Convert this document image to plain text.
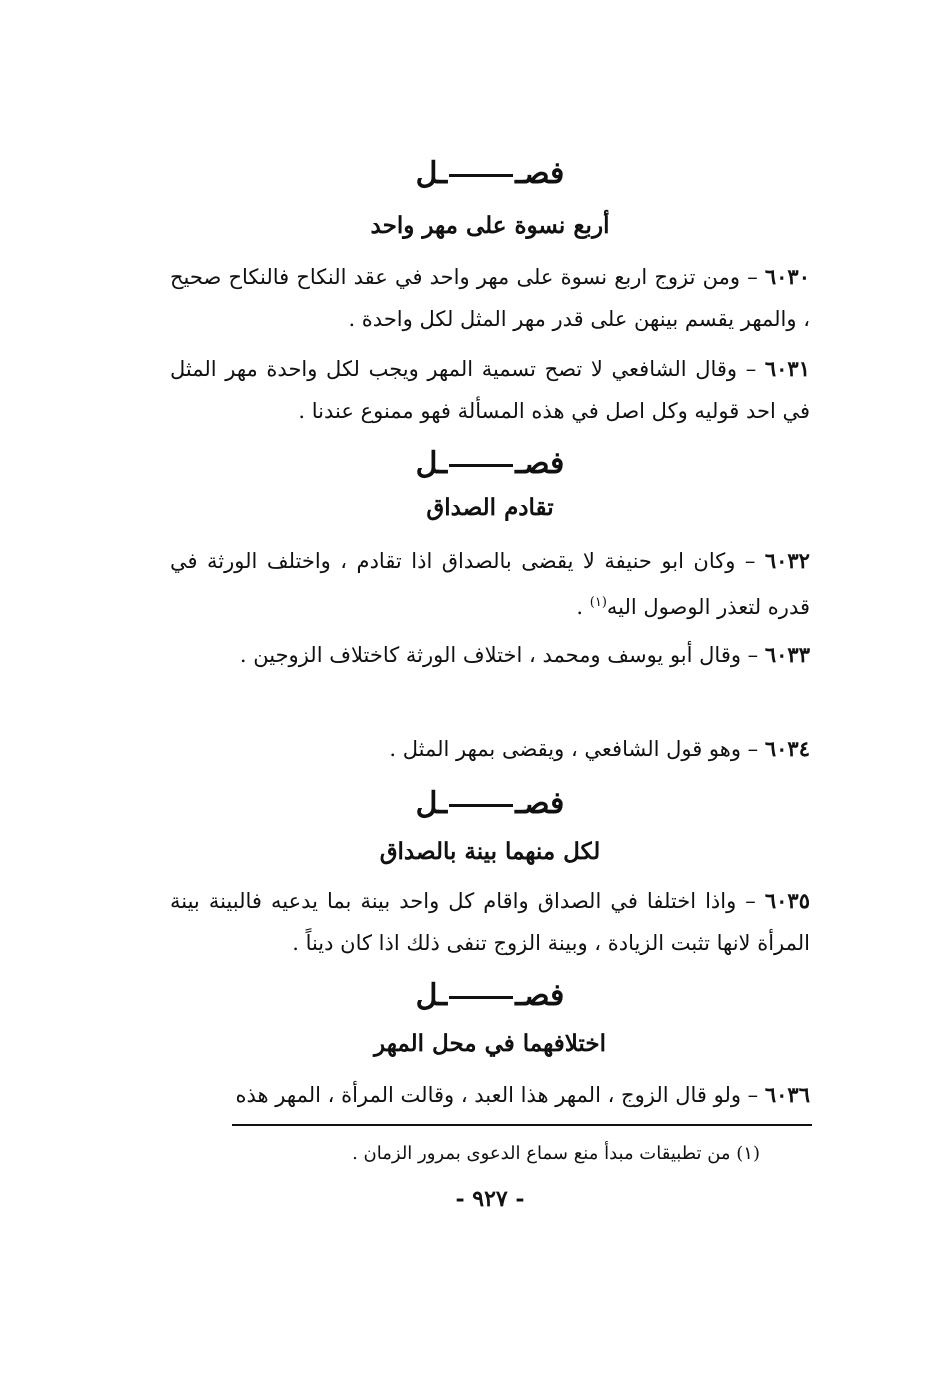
فصــل
أربع نسوة على مهر واحد
٦٠٣٠ – ومن تزوج اربع نسوة على مهر واحد في عقد النكاح فالنكاح صحيح ، والمهر يقسم بينهن على قدر مهر المثل لكل واحدة .
٦٠٣١ – وقال الشافعي لا تصح تسمية المهر ويجب لكل واحدة مهر المثل في احد قوليه وكل اصل في هذه المسألة فهو ممنوع عندنا .
فصــل
تقادم الصداق
٦٠٣٢ – وكان ابو حنيفة لا يقضى بالصداق اذا تقادم ، واختلف الورثة في قدره لتعذر الوصول اليه$^{(١)}$ .
٦٠٣٣ – وقال أبو يوسف ومحمد ، اختلاف الورثة كاختلاف الزوجين .
٦٠٣٤ – وهو قول الشافعي ، ويقضى بمهر المثل .
فصــل
لكل منهما بينة بالصداق
٦٠٣٥ – واذا اختلفا في الصداق واقام كل واحد بينة بما يدعيه فالبينة بينة المرأة لانها تثبت الزيادة ، وبينة الزوج تنفى ذلك اذا كان ديناً .
فصــل
اختلافهما في محل المهر
٦٠٣٦ – ولو قال الزوج ، المهر هذا العبد ، وقالت المرأة ، المهر هذه
(١) من تطبيقات مبدأ منع سماع الدعوى بمرور الزمان .
- ٩٢٧ -
